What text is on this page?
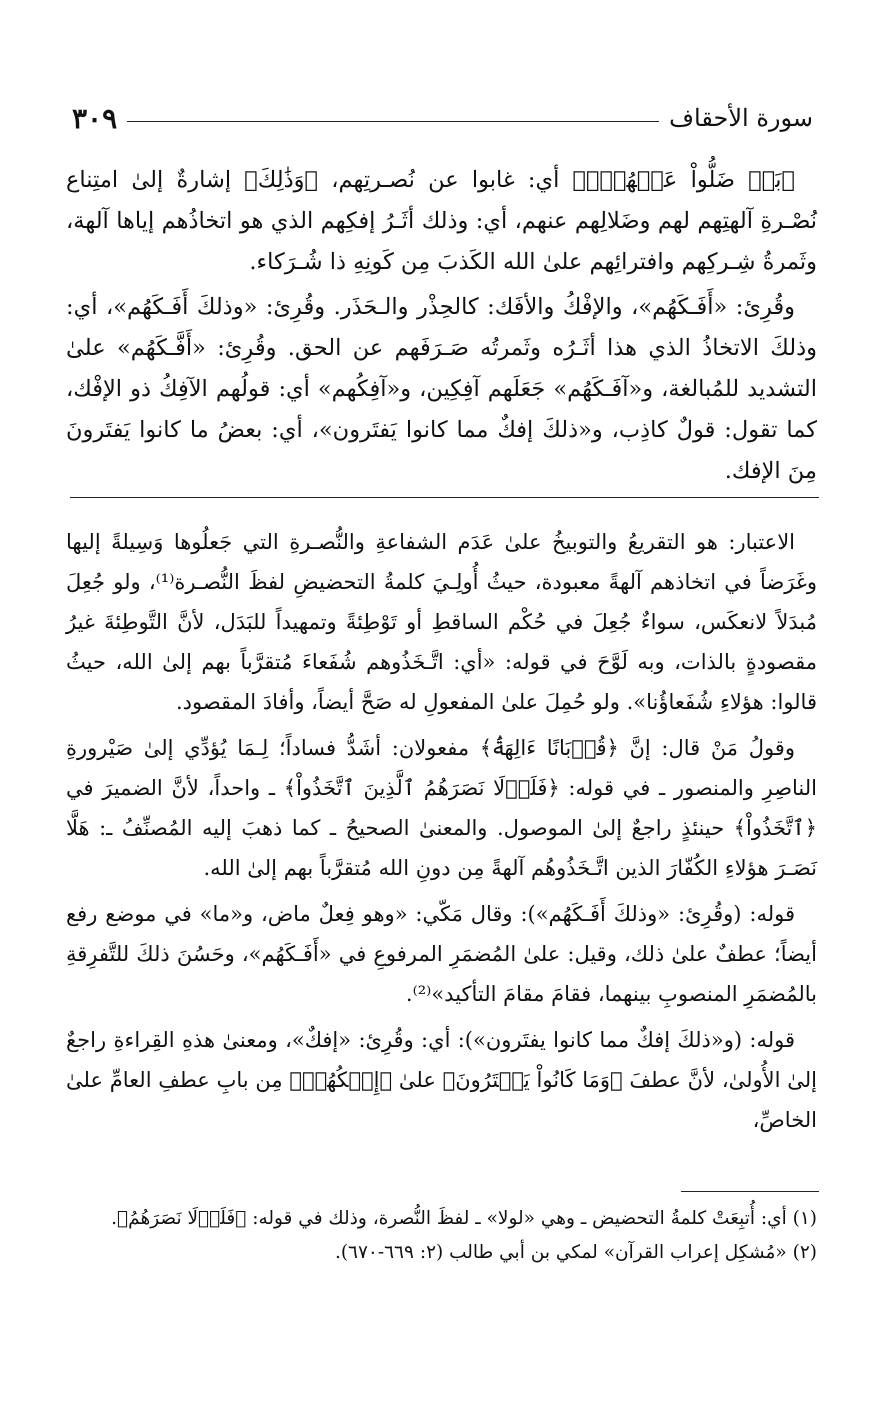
سورة الأحقاف
٣٠٩

﴿بَلۡ ضَلُّواْ عَنۡهُمۡۚ﴾ أي: غابوا عن نُصـرتِهم، ﴿وَذَٰلِكَ﴾ إشارةٌ إلىٰ امتِناع نُصْـرةِ آلهتِهم لهم وضَلالِهم عنهم، أي: وذلك أثَـرُ إفكِهم الذي هو اتخاذُهم إياها آلهة، وثَمرةُ شِـركِهم وافترائِهم علىٰ الله الكَذبَ مِن كَونِهِ ذا شُـرَكاء.

وقُرِئ: «أَفَـكَهُم»، والإفْكُ والأفَك: كالحِذْر والـحَذَر. وقُرِئ: «وذلكَ أَفَـكَهُم»، أي: وذلكَ الاتخاذُ الذي هذا أثَـرُه وثَمرتُه صَـرَفَهم عن الحق. وقُرِئ: «أَفَّـكَهُم» علىٰ التشديد للمُبالغة، و«آفَـكَهُم» جَعَلَهم آفِكِين، و«آفِكُهم» أي: قولُهم الآفِكُ ذو الإفْك، كما تقول: قولٌ كاذِب، و«ذلكَ إفكٌ مما كانوا يَفتَرون»، أي: بعضُ ما كانوا يَفتَرونَ مِنَ الإفك.

الاعتبار: هو التقريعُ والتوبيخُ علىٰ عَدَم الشفاعةِ والنُّصـرةِ التي جَعلُوها وَسِيلةً إليها وغَرَضاً في اتخاذهم آلهةً معبودة، حيثُ أُولِـيَ كلمةُ التحضيضِ لفظَ النُّصـرة⁽¹⁾، ولو جُعِلَ مُبدَلاً لانعكَس، سواءٌ جُعِلَ في حُكْم الساقطِ أو تَوْطِئةً وتمهيداً للبَدَل، لأنَّ التَّوطِئةَ غيرُ مقصودةٍ بالذات، وبه لَوَّحَ في قوله: «أي: اتَّـخَذُوهم شُفَعاءَ مُتقرَّباً بهم إلىٰ الله، حيثُ قالوا: هؤلاءِ شُفَعاؤُنا». ولو حُمِلَ علىٰ المفعولِ له صَحَّ أيضاً، وأفادَ المقصود.

وقولُ مَنْ قال: إنَّ ﴿قُرۡبَانًا ءَالِهَةَۢ﴾ مفعولان: أشَدُّ فساداً؛ لِـمَا يُؤدِّي إلىٰ صَيْرورةِ الناصِرِ والمنصور ـ في قوله: ﴿فَلَوۡلَا نَصَرَهُمُ ٱلَّذِينَ ٱتَّخَذُواْ﴾ ـ واحداً، لأنَّ الضميرَ في ﴿ٱتَّخَذُواْ﴾ حينئذٍ راجعٌ إلىٰ الموصول. والمعنىٰ الصحيحُ ـ كما ذهبَ إليه المُصنِّفُ ـ: هَلَّا نَصَـرَ هؤلاءِ الكُفّارَ الذين اتَّـخَذُوهُم آلهةً مِن دونِ الله مُتقرَّباً بهم إلىٰ الله.

قوله: (وقُرِئ: «وذلكَ أَفَـكَهُم»): وقال مَكّي: «وهو فِعلٌ ماض، و«ما» في موضع رفع أيضاً؛ عطفٌ علىٰ ذلك، وقيل: علىٰ المُضمَرِ المرفوعِ في «أَفَـكَهُم»، وحَسُنَ ذلكَ للتَّفرِقةِ بالمُضمَرِ المنصوبِ بينهما، فقامَ مقامَ التأكيد»⁽²⁾.

قوله: (و«ذلكَ إفكٌ مما كانوا يفتَرون»): أي: وقُرِئ: «إفكٌ»، ومعنىٰ هذهِ القِراءةِ راجعٌ إلىٰ الأُولىٰ، لأنَّ عطفَ ﴿وَمَا كَانُواْ يَفۡتَرُونَ﴾ علىٰ ﴿إِفۡكُهُمۡ﴾ مِن بابِ عطفِ العامِّ علىٰ الخاصِّ،

(١) أي: أُتبِعَتْ كلمةُ التحضيض ـ وهي «لولا» ـ لفظَ النُّصرة، وذلك في قوله: ﴿فَلَوۡلَا نَصَرَهُمُ﴾.

(٢) «مُشكِل إعراب القرآن» لمكي بن أبي طالب (٢: ٦٦٩-٦٧٠).
